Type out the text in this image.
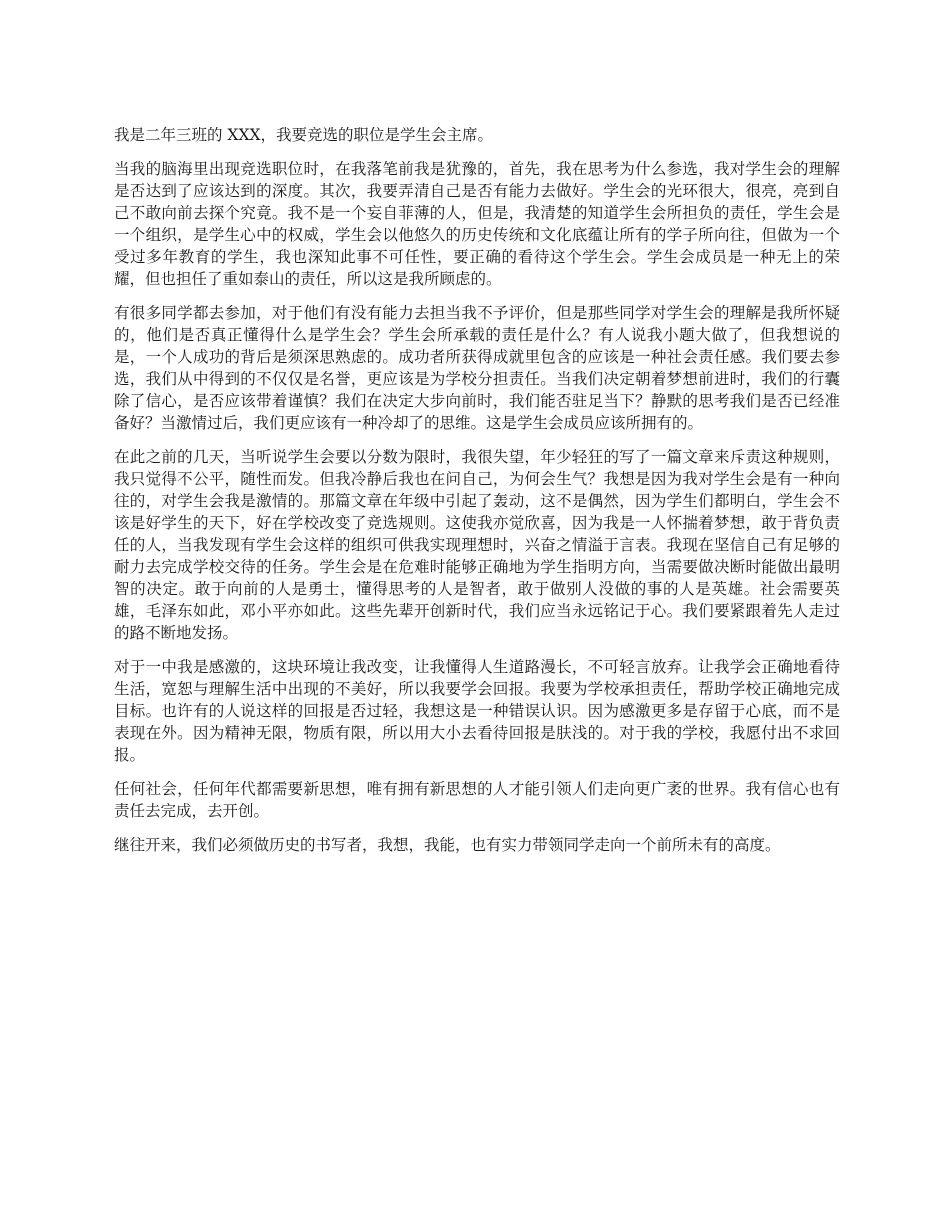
我是二年三班的 XXX，我要竞选的职位是学生会主席。

当我的脑海里出现竞选职位时，在我落笔前我是犹豫的，首先，我在思考为什么参选，我对学生会的理解是否达到了应该达到的深度。其次，我要弄清自己是否有能力去做好。学生会的光环很大，很亮，亮到自己不敢向前去探个究竟。我不是一个妄自菲薄的人，但是，我清楚的知道学生会所担负的责任，学生会是一个组织，是学生心中的权威，学生会以他悠久的历史传统和文化底蕴让所有的学子所向往，但做为一个受过多年教育的学生，我也深知此事不可任性，要正确的看待这个学生会。学生会成员是一种无上的荣耀，但也担任了重如泰山的责任，所以这是我所顾虑的。

有很多同学都去参加，对于他们有没有能力去担当我不予评价，但是那些同学对学生会的理解是我所怀疑的，他们是否真正懂得什么是学生会？学生会所承载的责任是什么？有人说我小题大做了，但我想说的是，一个人成功的背后是须深思熟虑的。成功者所获得成就里包含的应该是一种社会责任感。我们要去参选，我们从中得到的不仅仅是名誉，更应该是为学校分担责任。当我们决定朝着梦想前进时，我们的行囊除了信心，是否应该带着谨慎？我们在决定大步向前时，我们能否驻足当下？静默的思考我们是否已经准备好？当激情过后，我们更应该有一种冷却了的思维。这是学生会成员应该所拥有的。

在此之前的几天，当听说学生会要以分数为限时，我很失望，年少轻狂的写了一篇文章来斥责这种规则，我只觉得不公平，随性而发。但我冷静后我也在问自己，为何会生气？我想是因为我对学生会是有一种向往的，对学生会我是激情的。那篇文章在年级中引起了轰动，这不是偶然，因为学生们都明白，学生会不该是好学生的天下，好在学校改变了竞选规则。这使我亦觉欣喜，因为我是一人怀揣着梦想，敢于背负责任的人，当我发现有学生会这样的组织可供我实现理想时，兴奋之情溢于言表。我现在坚信自己有足够的耐力去完成学校交待的任务。学生会是在危难时能够正确地为学生指明方向，当需要做决断时能做出最明智的决定。敢于向前的人是勇士，懂得思考的人是智者，敢于做别人没做的事的人是英雄。社会需要英雄，毛泽东如此，邓小平亦如此。这些先辈开创新时代，我们应当永远铭记于心。我们要紧跟着先人走过的路不断地发扬。

对于一中我是感激的，这块环境让我改变，让我懂得人生道路漫长，不可轻言放弃。让我学会正确地看待生活，宽恕与理解生活中出现的不美好，所以我要学会回报。我要为学校承担责任，帮助学校正确地完成目标。也许有的人说这样的回报是否过轻，我想这是一种错误认识。因为感激更多是存留于心底，而不是表现在外。因为精神无限，物质有限，所以用大小去看待回报是肤浅的。对于我的学校，我愿付出不求回报。

任何社会，任何年代都需要新思想，唯有拥有新思想的人才能引领人们走向更广袤的世界。我有信心也有责任去完成，去开创。

继往开来，我们必须做历史的书写者，我想，我能，也有实力带领同学走向一个前所未有的高度。
